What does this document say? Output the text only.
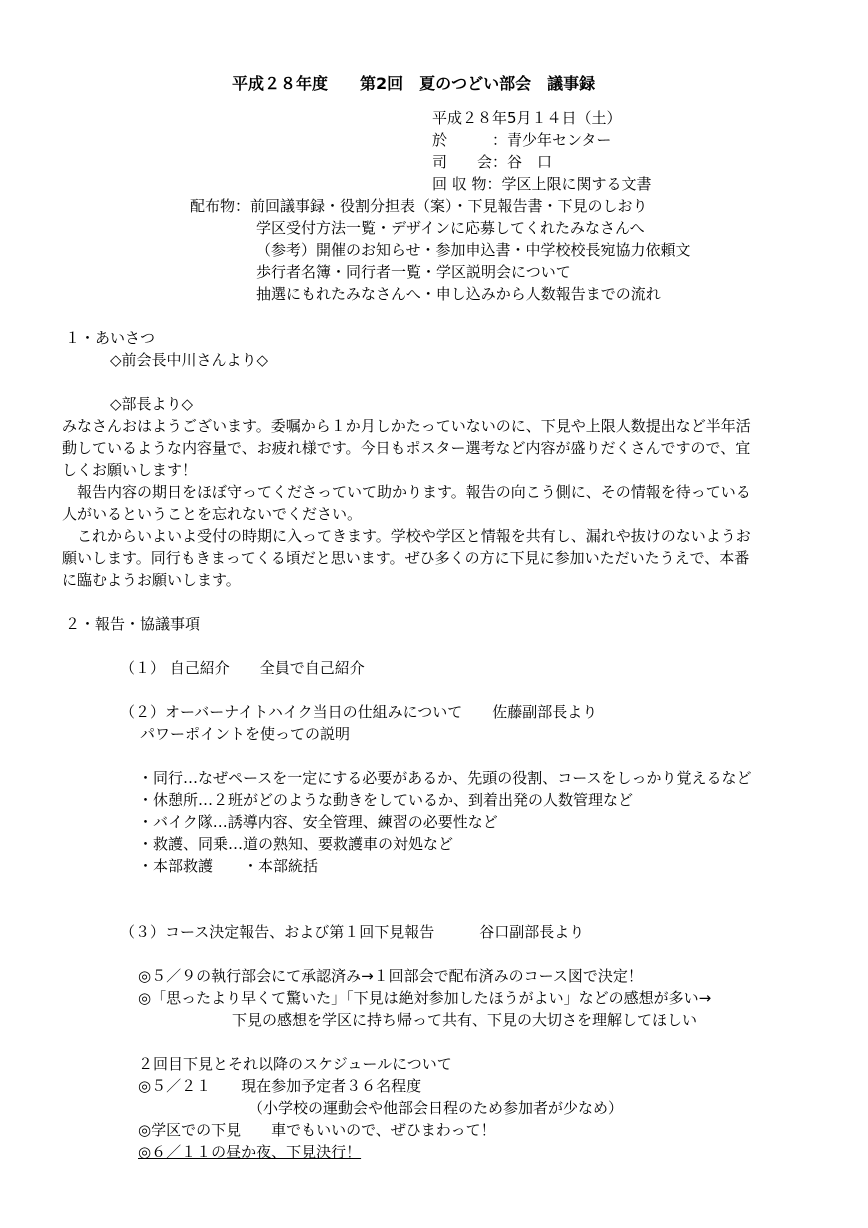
平成２８年度　　第2回　夏のつどい部会　議事録
平成２８年5月１４日（土）
於　　　：青少年センター
司　　会：谷　口
回 収 物：学区上限に関する文書
配布物：前回議事録・役割分担表（案）・下見報告書・下見のしおり
学区受付方法一覧・デザインに応募してくれたみなさんへ
（参考）開催のお知らせ・参加申込書・中学校校長宛協力依頼文
歩行者名簿・同行者一覧・学区説明会について
抽選にもれたみなさんへ・申し込みから人数報告までの流れ
１・あいさつ
◇前会長中川さんより◇
◇部長より◇
みなさんおはようございます。委嘱から１か月しかたっていないのに、下見や上限人数提出など半年活
動しているような内容量で、お疲れ様です。今日もポスター選考など内容が盛りだくさんですので、宜
しくお願いします！
　報告内容の期日をほぼ守ってくださっていて助かります。報告の向こう側に、その情報を待っている
人がいるということを忘れないでください。
　これからいよいよ受付の時期に入ってきます。学校や学区と情報を共有し、漏れや抜けのないようお
願いします。同行もきまってくる頃だと思います。ぜひ多くの方に下見に参加いただいたうえで、本番
に臨むようお願いします。
２・報告・協議事項
（１） 自己紹介　　全員で自己紹介
（２）オーバーナイトハイク当日の仕組みについて　　佐藤副部長より
パワーポイントを使っての説明
・同行…なぜペースを一定にする必要があるか、先頭の役割、コースをしっかり覚えるなど
・休憩所…２班がどのような動きをしているか、到着出発の人数管理など
・バイク隊…誘導内容、安全管理、練習の必要性など
・救護、同乗…道の熟知、要救護車の対処など
・本部救護　　・本部統括
（３）コース決定報告、および第１回下見報告　　　谷口副部長より
◎５／９の執行部会にて承認済み→１回部会で配布済みのコース図で決定！
◎「思ったより早くて驚いた」「下見は絶対参加したほうがよい」などの感想が多い→
下見の感想を学区に持ち帰って共有、下見の大切さを理解してほしい
２回目下見とそれ以降のスケジュールについて
◎５／２１　　現在参加予定者３６名程度
（小学校の運動会や他部会日程のため参加者が少なめ）
◎学区での下見　　車でもいいので、ぜひまわって！
◎６／１１の昼か夜、下見決行！
